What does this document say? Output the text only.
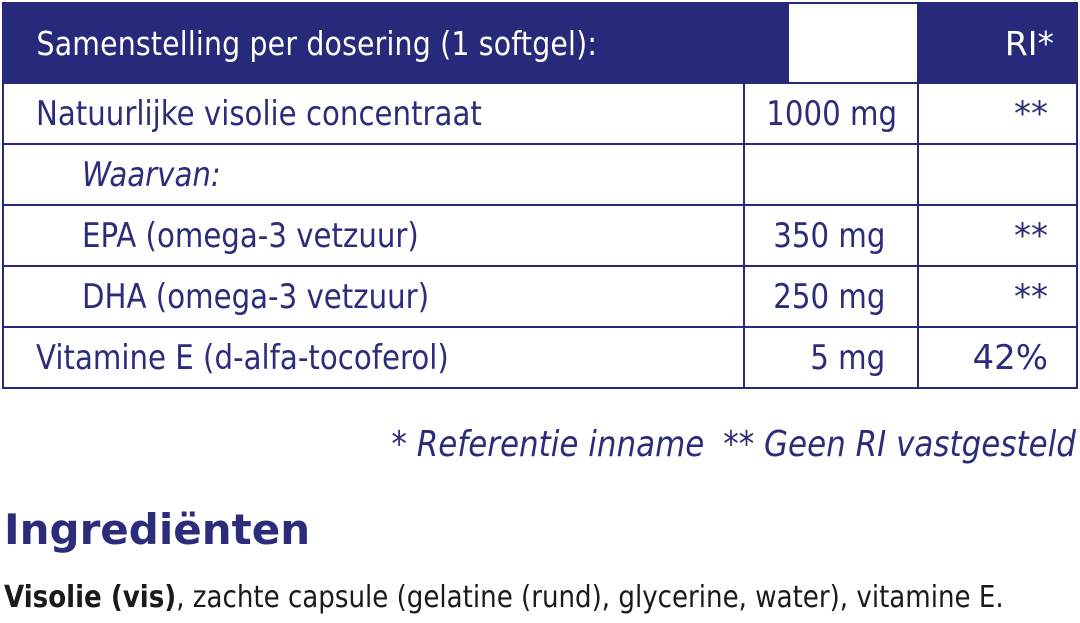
Samenstelling per dosering (1 softgel):		RI*
Natuurlijke visolie concentraat	1000 mg	**
Waarvan:		
EPA (omega-3 vetzuur)	350 mg	**
DHA (omega-3 vetzuur)	250 mg	**
Vitamine E (d-alfa-tocoferol)	5 mg	42%
* Referentie inname ** Geen RI vastgesteld
Ingrediënten
Visolie (vis), zachte capsule (gelatine (rund), glycerine, water), vitamine E.
